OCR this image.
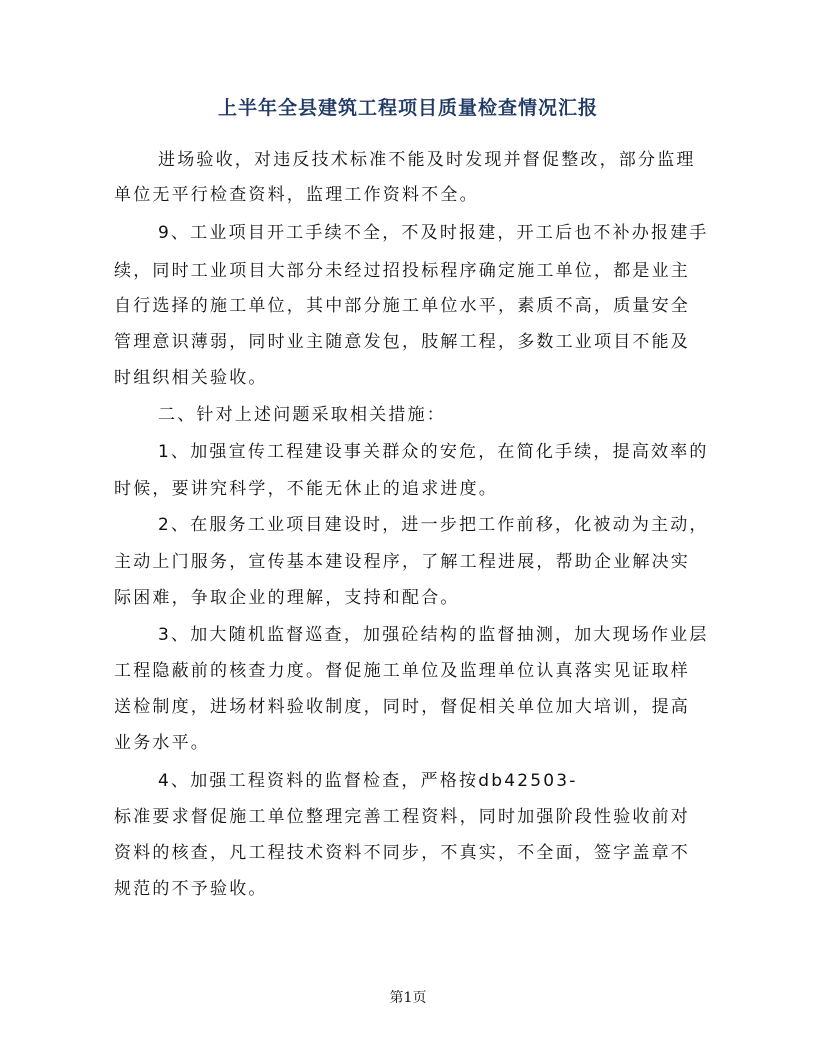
上半年全县建筑工程项目质量检查情况汇报
进场验收，对违反技术标准不能及时发现并督促整改，部分监理
单位无平行检查资料，监理工作资料不全。
9、工业项目开工手续不全，不及时报建，开工后也不补办报建手
续，同时工业项目大部分未经过招投标程序确定施工单位，都是业主
自行选择的施工单位，其中部分施工单位水平，素质不高，质量安全
管理意识薄弱，同时业主随意发包，肢解工程，多数工业项目不能及
时组织相关验收。
二、针对上述问题采取相关措施：
1、加强宣传工程建设事关群众的安危，在简化手续，提高效率的
时候，要讲究科学，不能无休止的追求进度。
2、在服务工业项目建设时，进一步把工作前移，化被动为主动，
主动上门服务，宣传基本建设程序，了解工程进展，帮助企业解决实
际困难，争取企业的理解，支持和配合。
3、加大随机监督巡查，加强砼结构的监督抽测，加大现场作业层
工程隐蔽前的核查力度。督促施工单位及监理单位认真落实见证取样
送检制度，进场材料验收制度，同时，督促相关单位加大培训，提高
业务水平。
4、加强工程资料的监督检查，严格按db42503-
标准要求督促施工单位整理完善工程资料，同时加强阶段性验收前对
资料的核查，凡工程技术资料不同步，不真实，不全面，签字盖章不
规范的不予验收。
第1页
